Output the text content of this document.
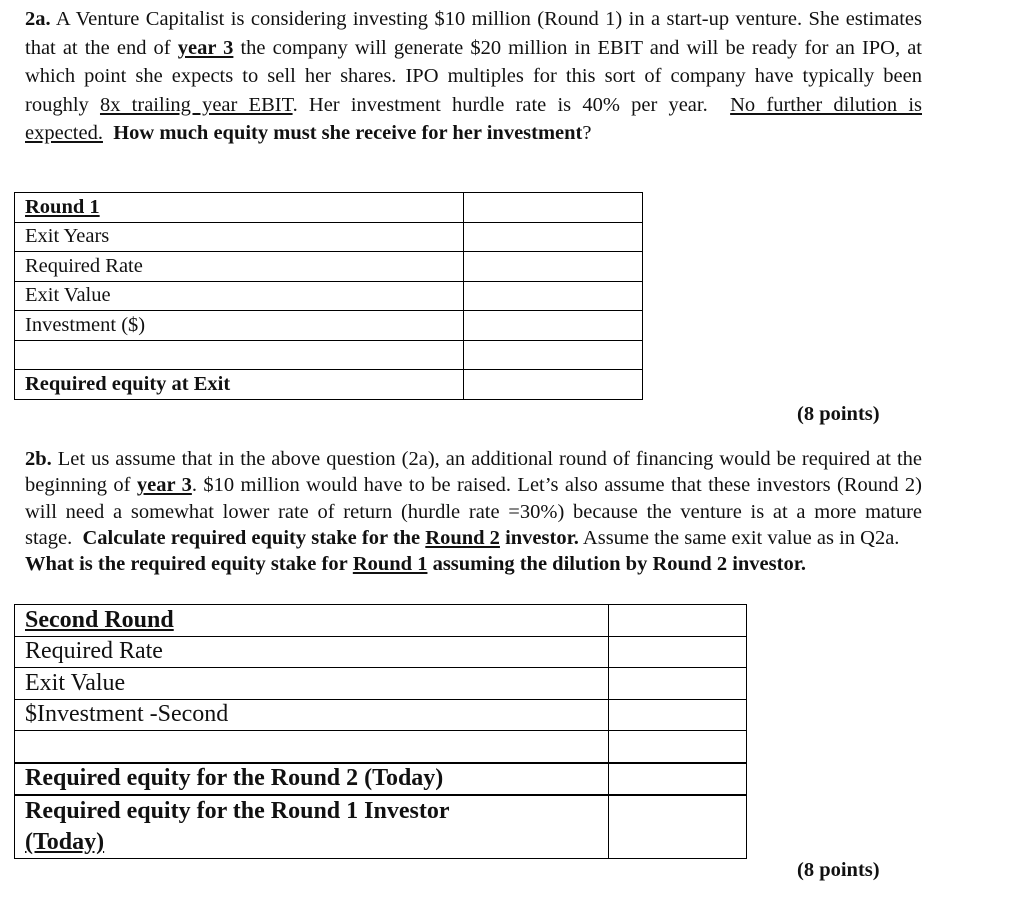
2a. A Venture Capitalist is considering investing $10 million (Round 1) in a start-up venture. She estimates that at the end of year 3 the company will generate $20 million in EBIT and will be ready for an IPO, at which point she expects to sell her shares. IPO multiples for this sort of company have typically been roughly 8x trailing year EBIT. Her investment hurdle rate is 40% per year. No further dilution is expected. How much equity must she receive for her investment?

Round 1	
Exit Years	
Required Rate	
Exit Value	
Investment ($)	

Required equity at Exit	
(8 points)

2b. Let us assume that in the above question (2a), an additional round of financing would be required at the beginning of year 3. $10 million would have to be raised. Let’s also assume that these investors (Round 2) will need a somewhat lower rate of return (hurdle rate =30%) because the venture is at a more mature stage. Calculate required equity stake for the Round 2 investor. Assume the same exit value as in Q2a.
What is the required equity stake for Round 1 assuming the dilution by Round 2 investor.

Second Round	
Required Rate	
Exit Value	
$Investment -Second	

Required equity for the Round 2 (Today)	
Required equity for the Round 1 Investor
(Today)	
(8 points)
